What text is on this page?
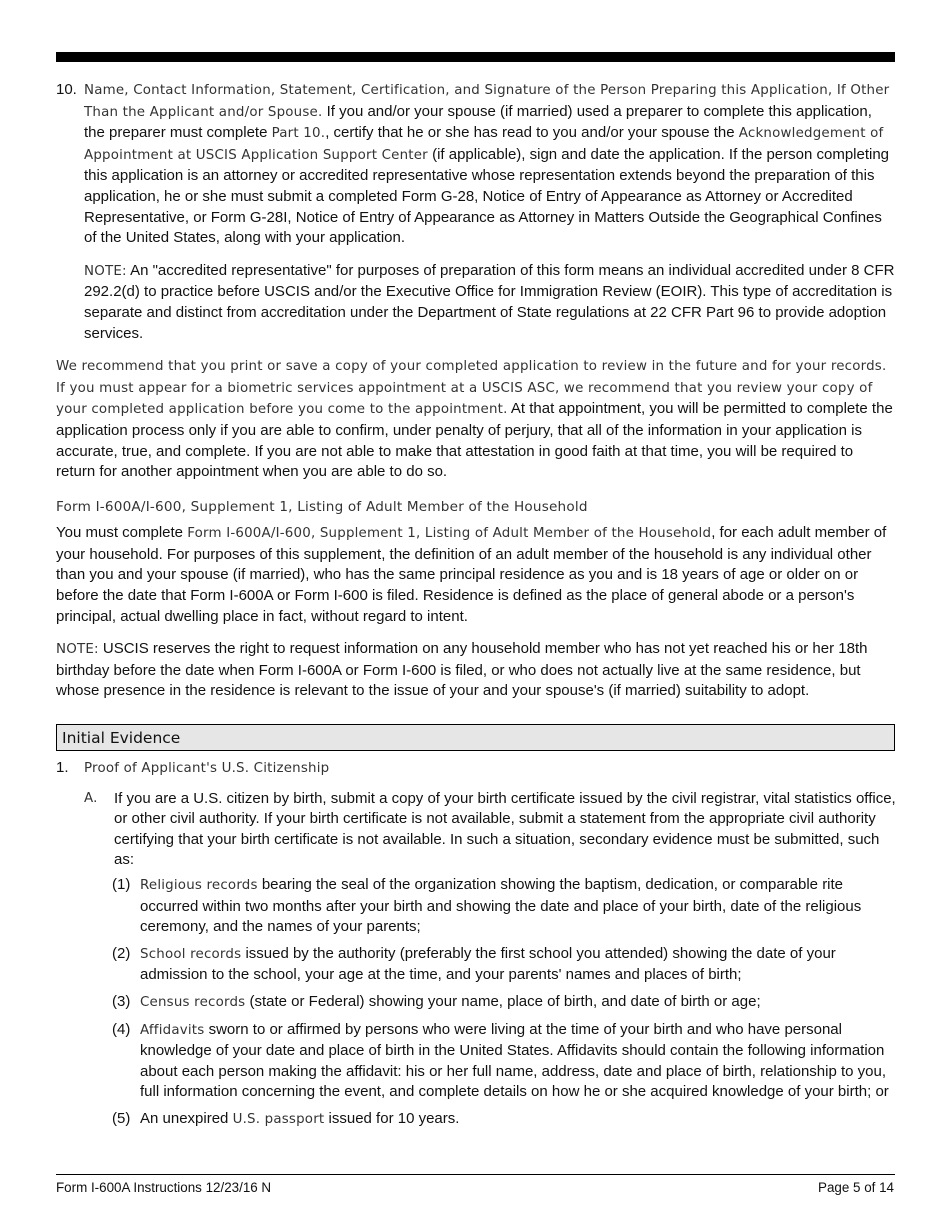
10. Name, Contact Information, Statement, Certification, and Signature of the Person Preparing this Application, If Other Than the Applicant and/or Spouse. If you and/or your spouse (if married) used a preparer to complete this application, the preparer must complete Part 10., certify that he or she has read to you and/or your spouse the Acknowledgement of Appointment at USCIS Application Support Center (if applicable), sign and date the application. If the person completing this application is an attorney or accredited representative whose representation extends beyond the preparation of this application, he or she must submit a completed Form G-28, Notice of Entry of Appearance as Attorney or Accredited Representative, or Form G-28I, Notice of Entry of Appearance as Attorney in Matters Outside the Geographical Confines of the United States, along with your application.

NOTE: An "accredited representative" for purposes of preparation of this form means an individual accredited under 8 CFR 292.2(d) to practice before USCIS and/or the Executive Office for Immigration Review (EOIR). This type of accreditation is separate and distinct from accreditation under the Department of State regulations at 22 CFR Part 96 to provide adoption services.

We recommend that you print or save a copy of your completed application to review in the future and for your records. If you must appear for a biometric services appointment at a USCIS ASC, we recommend that you review your copy of your completed application before you come to the appointment. At that appointment, you will be permitted to complete the application process only if you are able to confirm, under penalty of perjury, that all of the information in your application is accurate, true, and complete. If you are not able to make that attestation in good faith at that time, you will be required to return for another appointment when you are able to do so.

Form I-600A/I-600, Supplement 1, Listing of Adult Member of the Household

You must complete Form I-600A/I-600, Supplement 1, Listing of Adult Member of the Household, for each adult member of your household. For purposes of this supplement, the definition of an adult member of the household is any individual other than you and your spouse (if married), who has the same principal residence as you and is 18 years of age or older on or before the date that Form I-600A or Form I-600 is filed. Residence is defined as the place of general abode or a person's principal, actual dwelling place in fact, without regard to intent.

NOTE: USCIS reserves the right to request information on any household member who has not yet reached his or her 18th birthday before the date when Form I-600A or Form I-600 is filed, or who does not actually live at the same residence, but whose presence in the residence is relevant to the issue of your and your spouse's (if married) suitability to adopt.

Initial Evidence
1. Proof of Applicant's U.S. Citizenship
A. If you are a U.S. citizen by birth, submit a copy of your birth certificate issued by the civil registrar, vital statistics office, or other civil authority. If your birth certificate is not available, submit a statement from the appropriate civil authority certifying that your birth certificate is not available. In such a situation, secondary evidence must be submitted, such as:
(1) Religious records bearing the seal of the organization showing the baptism, dedication, or comparable rite occurred within two months after your birth and showing the date and place of your birth, date of the religious ceremony, and the names of your parents;
(2) School records issued by the authority (preferably the first school you attended) showing the date of your admission to the school, your age at the time, and your parents' names and places of birth;
(3) Census records (state or Federal) showing your name, place of birth, and date of birth or age;
(4) Affidavits sworn to or affirmed by persons who were living at the time of your birth and who have personal knowledge of your date and place of birth in the United States. Affidavits should contain the following information about each person making the affidavit: his or her full name, address, date and place of birth, relationship to you, full information concerning the event, and complete details on how he or she acquired knowledge of your birth; or
(5) An unexpired U.S. passport issued for 10 years.
Form I-600A Instructions 12/23/16 N	Page 5 of 14
